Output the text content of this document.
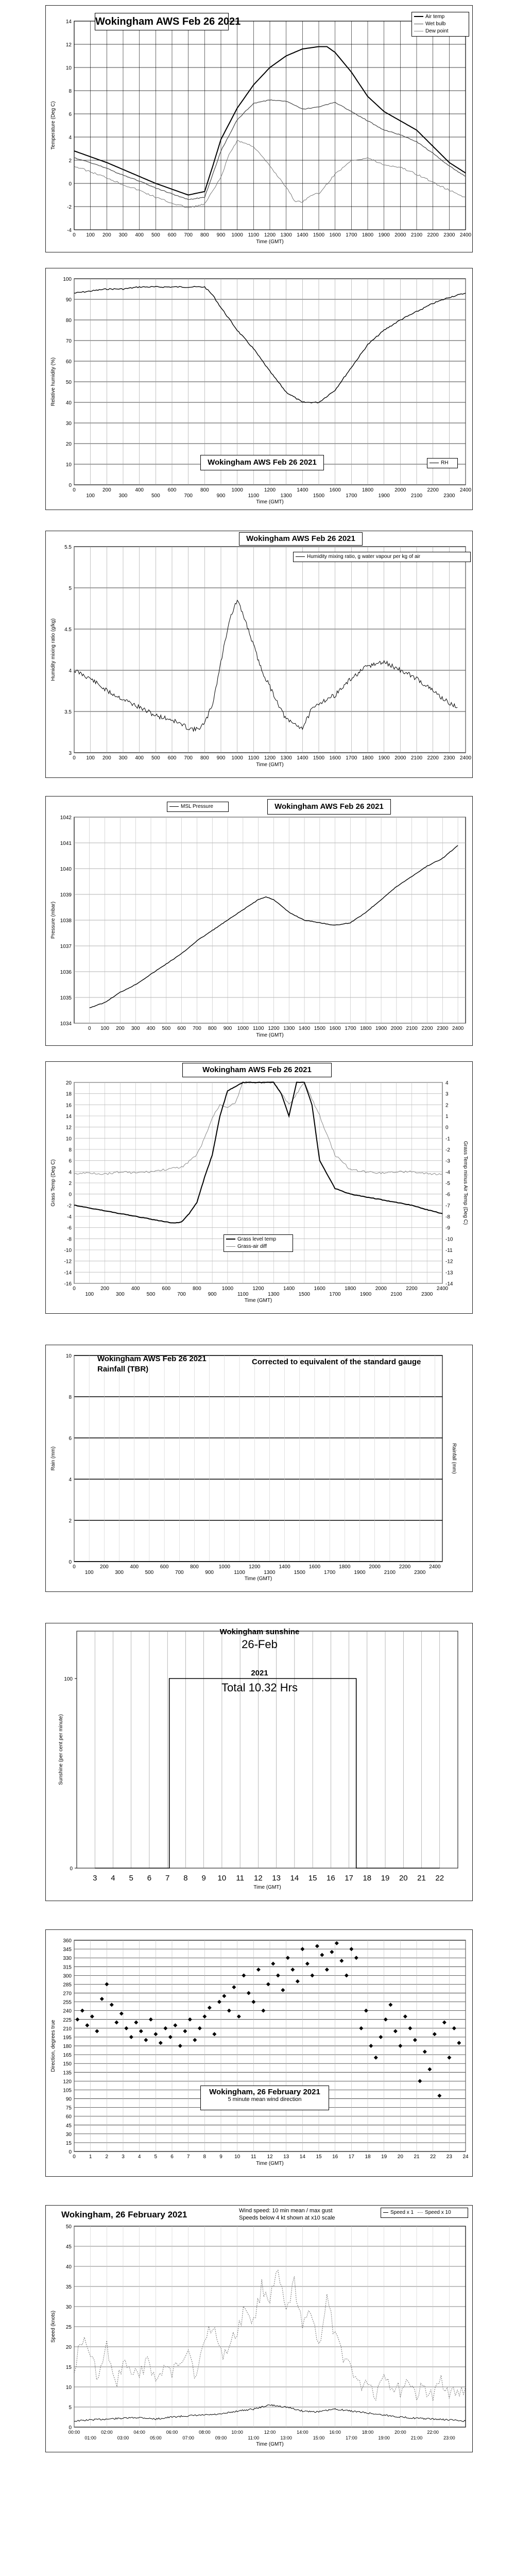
-4
-2
0
2
4
6
8
10
12
14
0 100 200 300 400 500 600 700 800 900 1000 1100 1200 1300 1400 1500 1600 1700 1800 1900 2000 2100 2200 2300 2400
Time (GMT)
Temperature (Deg C)
Wokingham AWS Feb 26 2021	Air temp
Wet bulb
Dew point
0
10
20
30
40
50
60
70
80
90
100
0
100
200
300
400
500
600
700
800
900
1000
1100
1200
1300
1400
1500
1600
1700
1800
1900
2000
2100
2200
2300
2400
Time (GMT)
Relative humidity (%)
Wokingham AWS Feb 26 2021	RH
3
3.5
4
4.5
5
5.5
0 100 200 300 400 500 600 700 800 900 1000 1100 1200 1300 1400 1500 1600 1700 1800 1900 2000 2100 2200 2300 2400
Time (GMT)
Humidity mixing ratio (g/kg)
Wokingham AWS Feb 26 2021
Humidity mixing ratio, g water vapour per kg of air
1034
1035
1036
1037
1038
1039
1040
1041
1042
0 100 200 300 400 500 600 700 800 900 1000 1100 1200 1300 1400 1500 1600 1700 1800 1900 2000 2100 2200 2300 2400
Time (GMT)
Pressure (mbar)
Wokingham AWS Feb 26 2021
MSL Pressure
-16
-14
-12
-10
-8
-6
-4
-2
0
2
4
6
8
10
12
14
16
18
20
0
100
200
300
400
500
600
700
800
900
1000
1100
1200
1300
1400
1500
1600
1700
1800
1900
2000
2100
2200
2300
2400
Time (GMT)
Grass Temp (Deg C)
-14
-13
-12
-11
-10
-9
-8
-7
-6
-5
-4
-3
-2
-1
0
1
2
3
4
Grass Temp minus Air Temp (Deg C)
Wokingham AWS Feb 26 2021
Grass level temp
Grass-air diff
0
2
4
6
8
10
0
100
200
300
400
500
600
700
800
900
1000
1100
1200
1300
1400
1500
1600
1700
1800
1900
2000
2100
2200
2300
2400
Time (GMT)
Rain (mm)	Rainfall (mm)
Wokingham AWS Feb 26 2021
Rainfall (TBR)
Corrected to equivalent of the standard gauge
3 4 5 6 7 8 9 10 11 12 13 14 15 16 17 18 19 20 21 22
0
100
Time (GMT)
Sunshine (per cent per minute)
Wokingham sunshine
26-Feb
2021
Total 10.32 Hrs
0
15
30
45
60
75
90
105
120
135
150
165
180
195
210
225
240
255
270
285
300
315
330
345
360
0	1	2	3	4	5	6	7	8	9 10 11 12 13 14 15 16 17 18 19 20 21 22 23 24
Time (GMT)
Direction, degrees true
Wokingham, 26 February 2021
5 minute mean wind direction
0
5
10
15
20
25
30
35
40
45
50
00:00
01:00
02:00
03:00
04:00
05:00
06:00
07:00
08:00
09:00
10:00
11:00
12:00
13:00
14:00
15:00
16:00
17:00
18:00
19:00
20:00
21:00
22:00
23:00
Time (GMT)
Speed (knots)
Wokingham, 26 February 2021	Wind speed: 10 min mean / max gust
Speeds below 4 kt shown at x10 scale
Speed x 1	Speed x 10
